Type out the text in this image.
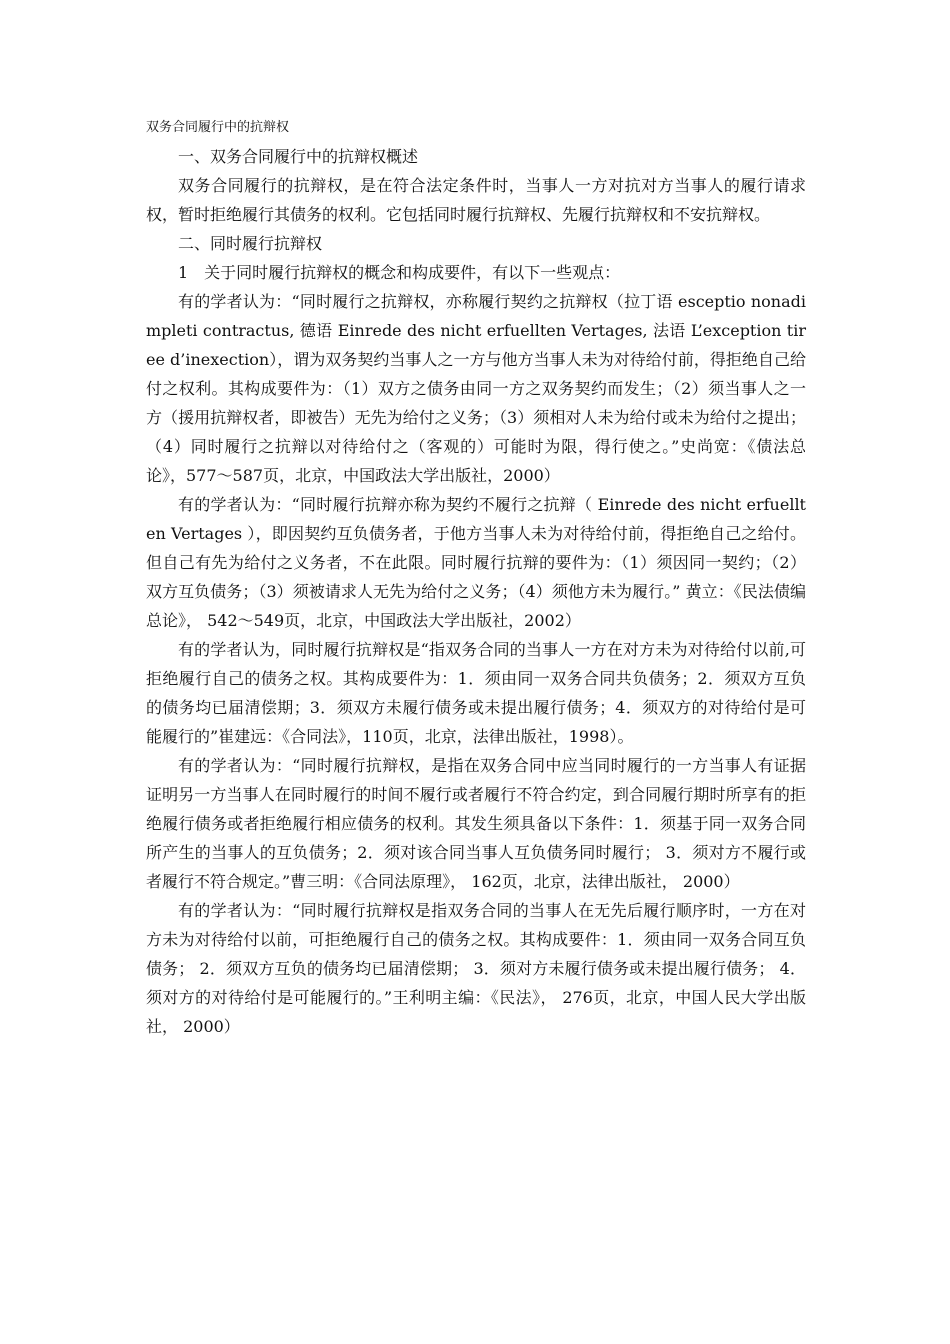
双务合同履行中的抗辩权

一、双务合同履行中的抗辩权概述

双务合同履行的抗辩权，是在符合法定条件时，当事人一方对抗对方当事人的履行请求权，暂时拒绝履行其债务的权利。它包括同时履行抗辩权、先履行抗辩权和不安抗辩权。

二、同时履行抗辩权

1　关于同时履行抗辩权的概念和构成要件，有以下一些观点：

有的学者认为：“同时履行之抗辩权，亦称履行契约之抗辩权（拉丁语 esceptio nonadimpleti contractus, 德语 Einrede des nicht erfuellten Vertages, 法语 L’exception tiree d’inexection），谓为双务契约当事人之一方与他方当事人未为对待给付前，得拒绝自己给付之权利。其构成要件为：（1）双方之债务由同一方之双务契约而发生；（2）须当事人之一方（援用抗辩权者，即被告）无先为给付之义务；（3）须相对人未为给付或未为给付之提出；（4）同时履行之抗辩以对待给付之（客观的）可能时为限，得行使之。”史尚宽：《债法总论》，577～587页，北京，中国政法大学出版社，2000）

有的学者认为：“同时履行抗辩亦称为契约不履行之抗辩（ Einrede des nicht erfuellten Vertages ），即因契约互负债务者，于他方当事人未为对待给付前，得拒绝自己之给付。但自己有先为给付之义务者，不在此限。同时履行抗辩的要件为：（1）须因同一契约；（2）双方互负债务；（3）须被请求人无先为给付之义务；（4）须他方未为履行。” 黄立：《民法债编总论》， 542～549页，北京，中国政法大学出版社，2002）

有的学者认为，同时履行抗辩权是“指双务合同的当事人一方在对方未为对待给付以前,可拒绝履行自己的债务之权。其构成要件为：1．须由同一双务合同共负债务；2．须双方互负的债务均已届清偿期；3．须双方未履行债务或未提出履行债务；4．须双方的对待给付是可能履行的”崔建远：《合同法》，110页，北京，法律出版社，1998）。

有的学者认为：“同时履行抗辩权，是指在双务合同中应当同时履行的一方当事人有证据证明另一方当事人在同时履行的时间不履行或者履行不符合约定，到合同履行期时所享有的拒绝履行债务或者拒绝履行相应债务的权利。其发生须具备以下条件：1．须基于同一双务合同所产生的当事人的互负债务；2．须对该合同当事人互负债务同时履行； 3．须对方不履行或者履行不符合规定。”曹三明：《合同法原理》， 162页，北京，法律出版社， 2000）

有的学者认为：“同时履行抗辩权是指双务合同的当事人在无先后履行顺序时，一方在对方未为对待给付以前，可拒绝履行自己的债务之权。其构成要件：1．须由同一双务合同互负债务； 2．须双方互负的债务均已届清偿期； 3．须对方未履行债务或未提出履行债务； 4．须对方的对待给付是可能履行的。”王利明主编：《民法》， 276页，北京，中国人民大学出版社， 2000）
